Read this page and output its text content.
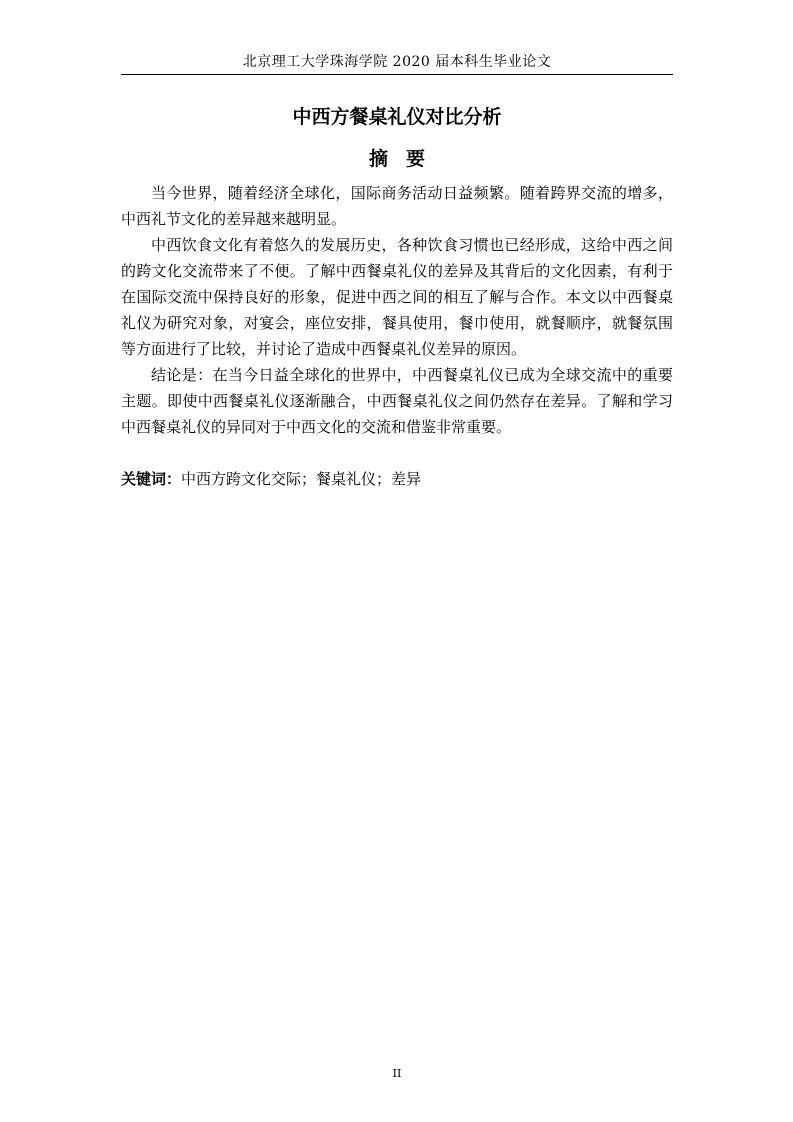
北京理工大学珠海学院 2020 届本科生毕业论文
中西方餐桌礼仪对比分析
摘要

当今世界，随着经济全球化，国际商务活动日益频繁。随着跨界交流的增多，中西礼节文化的差异越来越明显。

中西饮食文化有着悠久的发展历史，各种饮食习惯也已经形成，这给中西之间的跨文化交流带来了不便。了解中西餐桌礼仪的差异及其背后的文化因素，有利于在国际交流中保持良好的形象，促进中西之间的相互了解与合作。本文以中西餐桌礼仪为研究对象，对宴会，座位安排，餐具使用，餐巾使用，就餐顺序，就餐氛围等方面进行了比较，并讨论了造成中西餐桌礼仪差异的原因。

结论是：在当今日益全球化的世界中，中西餐桌礼仪已成为全球交流中的重要主题。即使中西餐桌礼仪逐渐融合，中西餐桌礼仪之间仍然存在差异。了解和学习中西餐桌礼仪的异同对于中西文化的交流和借鉴非常重要。

关键词：中西方跨文化交际；餐桌礼仪；差异
II
